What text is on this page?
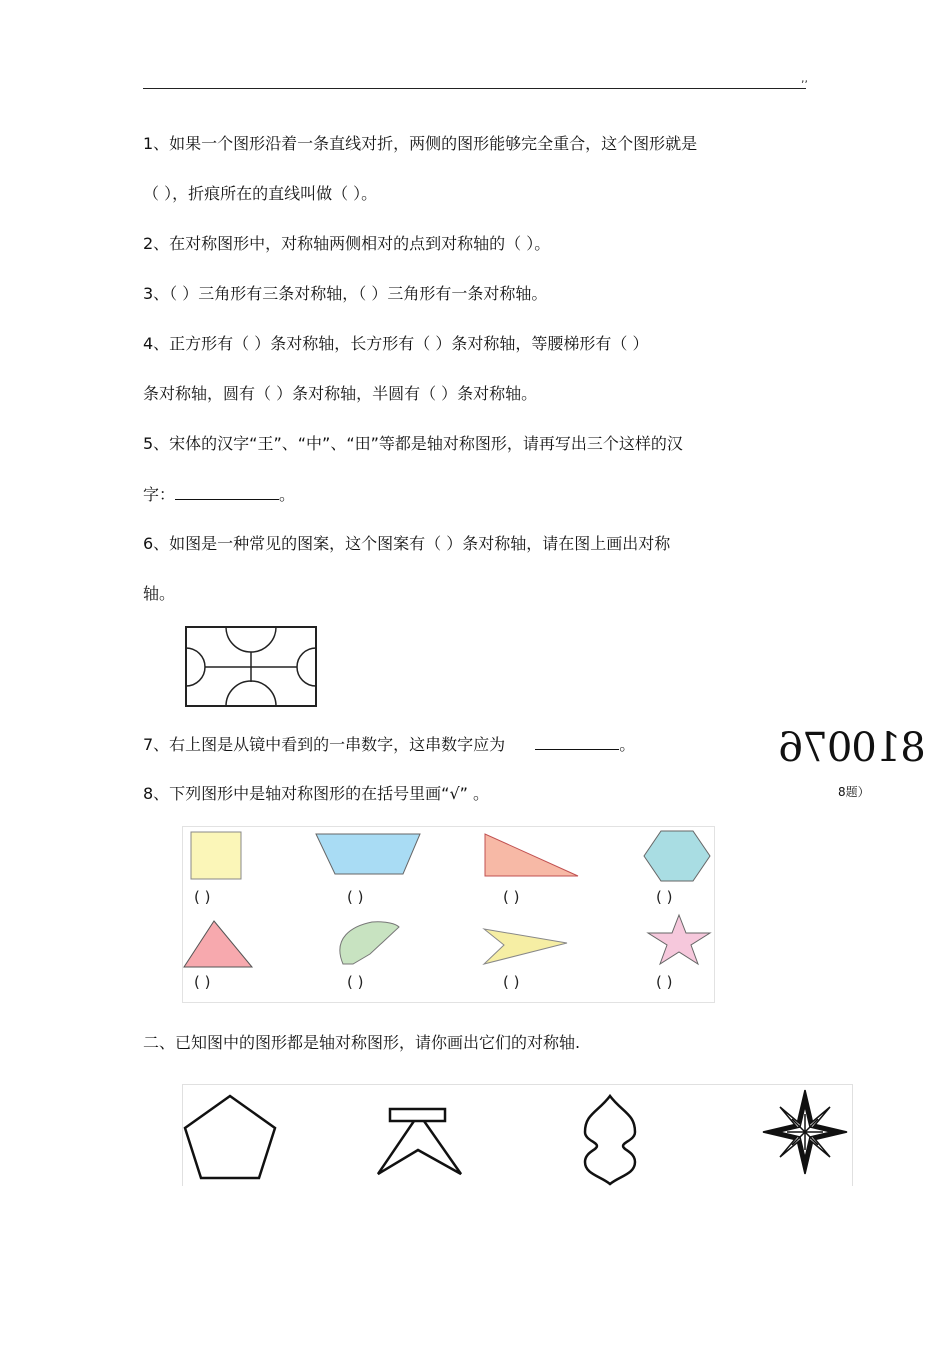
,,
1、如果一个图形沿着一条直线对折，两侧的图形能够完全重合，这个图形就是
（ ），折痕所在的直线叫做（ ）。
2、在对称图形中，对称轴两侧相对的点到对称轴的（ ）。
3、（ ）三角形有三条对称轴，（ ）三角形有一条对称轴。
4、正方形有（ ）条对称轴，长方形有（ ）条对称轴，等腰梯形有（ ）
条对称轴，圆有（ ）条对称轴，半圆有（ ）条对称轴。
5、宋体的汉字“王”、“中”、“田”等都是轴对称图形，请再写出三个这样的汉
字：	。
6、如图是一种常见的图案，这个图案有（ ）条对称轴，请在图上画出对称
轴。
7、右上图是从镜中看到的一串数字，这串数字应为	。	810076
8、下列图形中是轴对称图形的在括号里画“√” 。	8题）
( )	( )	( )	( )
( )	( )	( )	( )
二、已知图中的图形都是轴对称图形，请你画出它们的对称轴.
